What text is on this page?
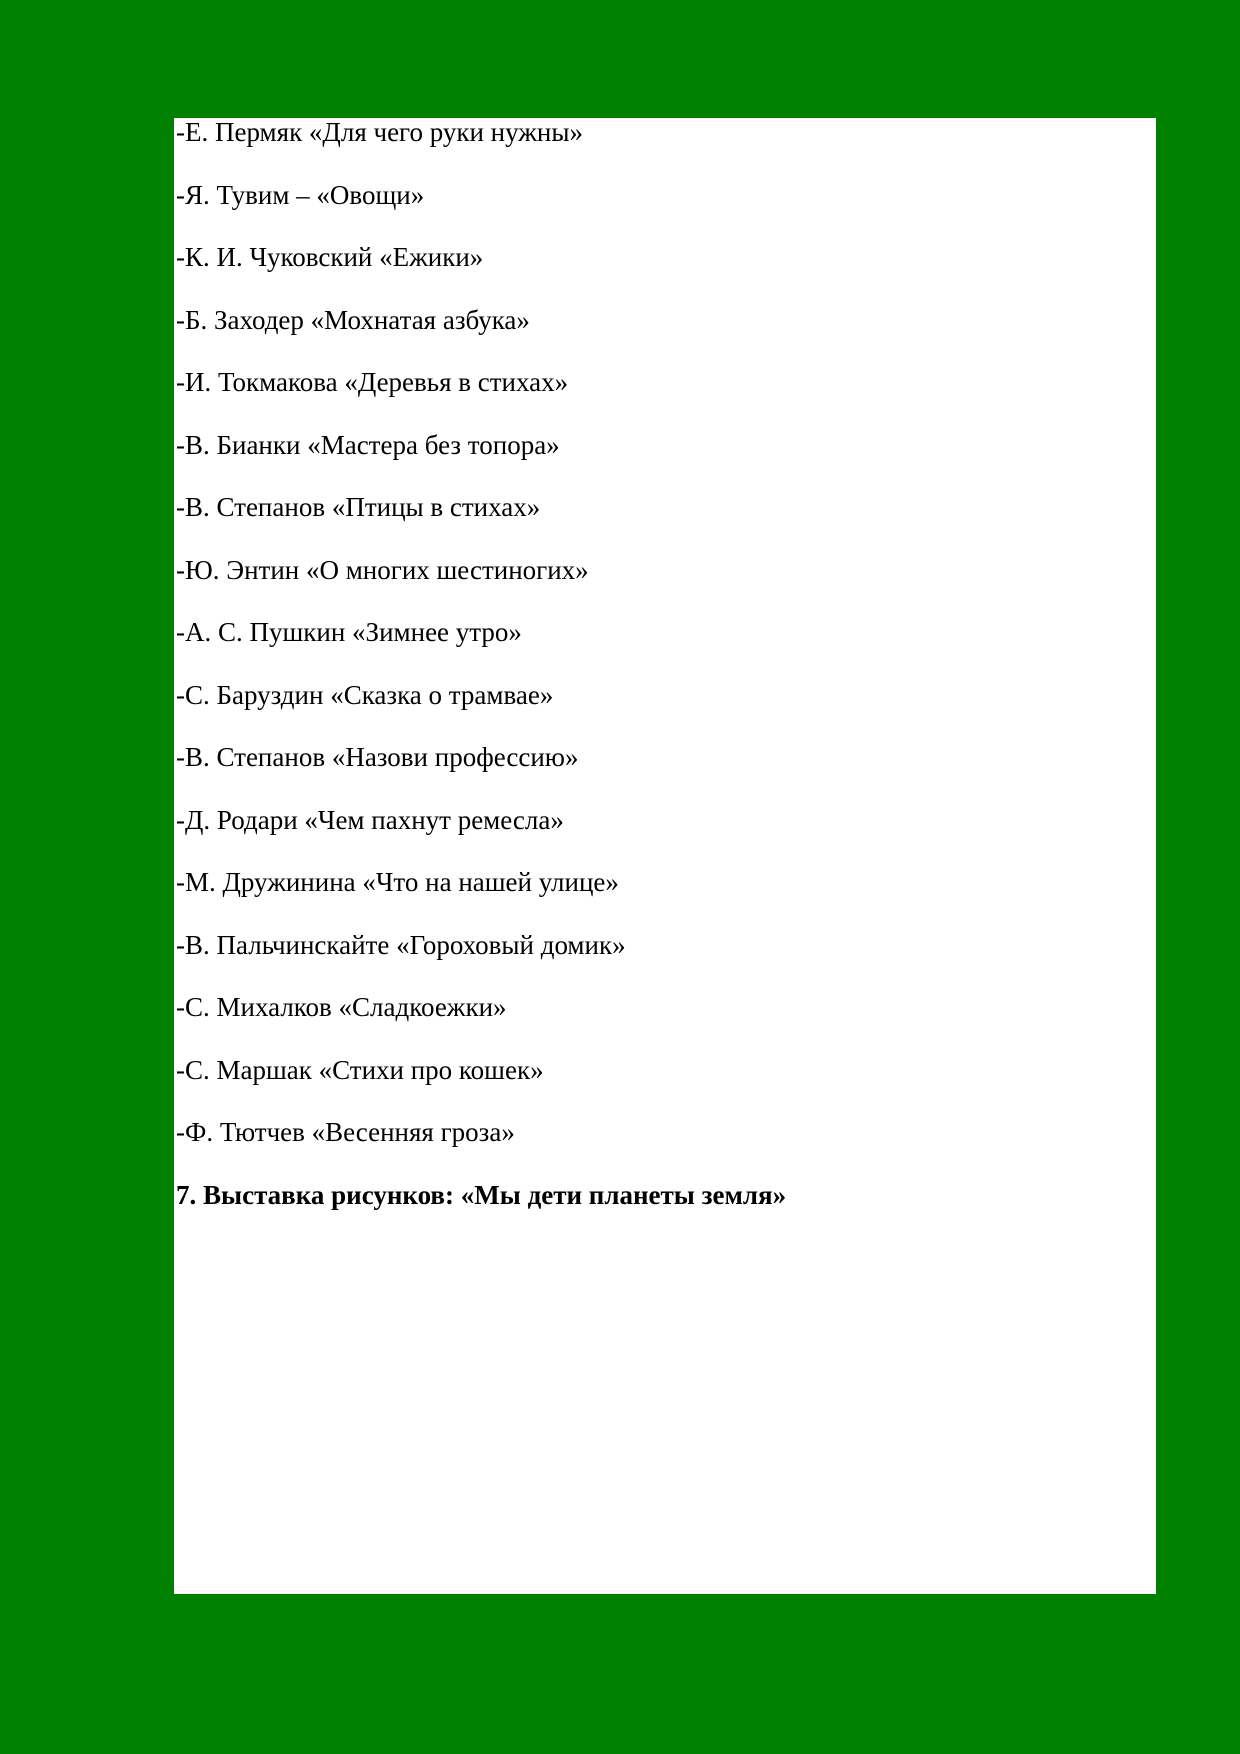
-Е. Пермяк «Для чего руки нужны»
-Я. Тувим – «Овощи»
-К. И. Чуковский «Ежики»
-Б. Заходер «Мохнатая азбука»
-И. Токмакова «Деревья в стихах»
-В. Бианки «Мастера без топора»
-В. Степанов «Птицы в стихах»
-Ю. Энтин «О многих шестиногих»
-А. С. Пушкин «Зимнее утро»
-С. Баруздин «Сказка о трамвае»
-В. Степанов «Назови профессию»
-Д. Родари «Чем пахнут ремесла»
-М. Дружинина «Что на нашей улице»
-В. Пальчинскайте «Гороховый домик»
-С. Михалков «Сладкоежки»
-С. Маршак «Стихи про кошек»
-Ф. Тютчев «Весенняя гроза»
7. Выставка рисунков: «Мы дети планеты земля»
